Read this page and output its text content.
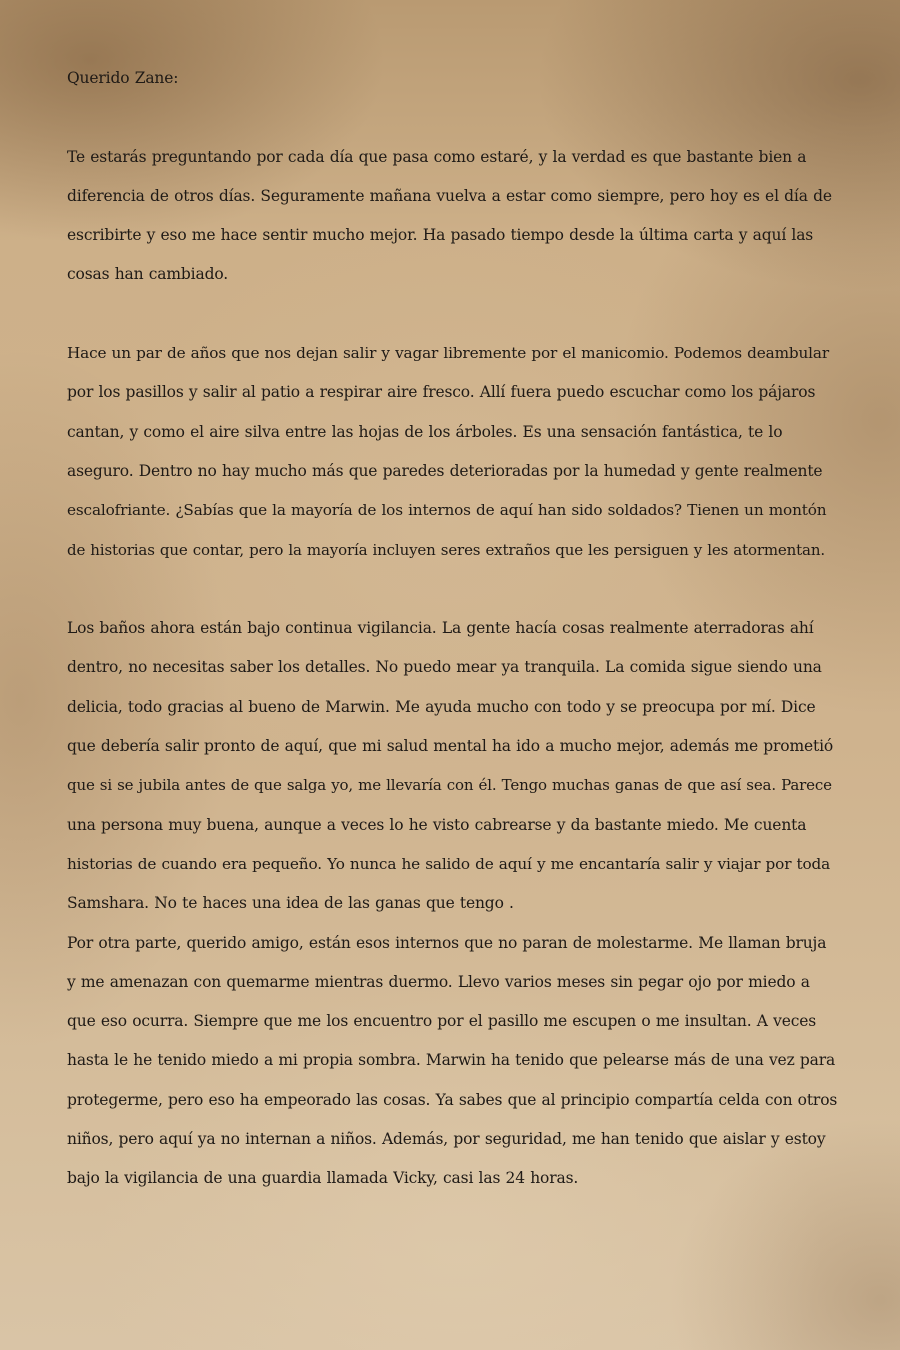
Querido Zane:

Te estarás preguntando por cada día que pasa como estaré, y la verdad es que bastante bien a
diferencia de otros días. Seguramente mañana vuelva a estar como siempre, pero hoy es el día de
escribirte y eso me hace sentir mucho mejor. Ha pasado tiempo desde la última carta y aquí las
cosas han cambiado.

Hace un par de años que nos dejan salir y vagar libremente por el manicomio. Podemos deambular
por los pasillos y salir al patio a respirar aire fresco. Allí fuera puedo escuchar como los pájaros
cantan, y como el aire silva entre las hojas de los árboles. Es una sensación fantástica, te lo
aseguro. Dentro no hay mucho más que paredes deterioradas por la humedad y gente realmente
escalofriante. ¿Sabías que la mayoría de los internos de aquí han sido soldados? Tienen un montón
de historias que contar, pero la mayoría incluyen seres extraños que les persiguen y les atormentan.

Los baños ahora están bajo continua vigilancia. La gente hacía cosas realmente aterradoras ahí
dentro, no necesitas saber los detalles. No puedo mear ya tranquila. La comida sigue siendo una
delicia, todo gracias al bueno de Marwin. Me ayuda mucho con todo y se preocupa por mí. Dice
que debería salir pronto de aquí, que mi salud mental ha ido a mucho mejor, además me prometió
que si se jubila antes de que salga yo, me llevaría con él. Tengo muchas ganas de que así sea. Parece
una persona muy buena, aunque a veces lo he visto cabrearse y da bastante miedo. Me cuenta
historias de cuando era pequeño. Yo nunca he salido de aquí y me encantaría salir y viajar por toda
Samshara. No te haces una idea de las ganas que tengo .

Por otra parte, querido amigo, están esos internos que no paran de molestarme. Me llaman bruja
y me amenazan con quemarme mientras duermo. Llevo varios meses sin pegar ojo por miedo a
que eso ocurra. Siempre que me los encuentro por el pasillo me escupen o me insultan. A veces
hasta le he tenido miedo a mi propia sombra. Marwin ha tenido que pelearse más de una vez para
protegerme, pero eso ha empeorado las cosas. Ya sabes que al principio compartía celda con otros
niños, pero aquí ya no internan a niños. Además, por seguridad, me han tenido que aislar y estoy
bajo la vigilancia de una guardia llamada Vicky, casi las 24 horas.
